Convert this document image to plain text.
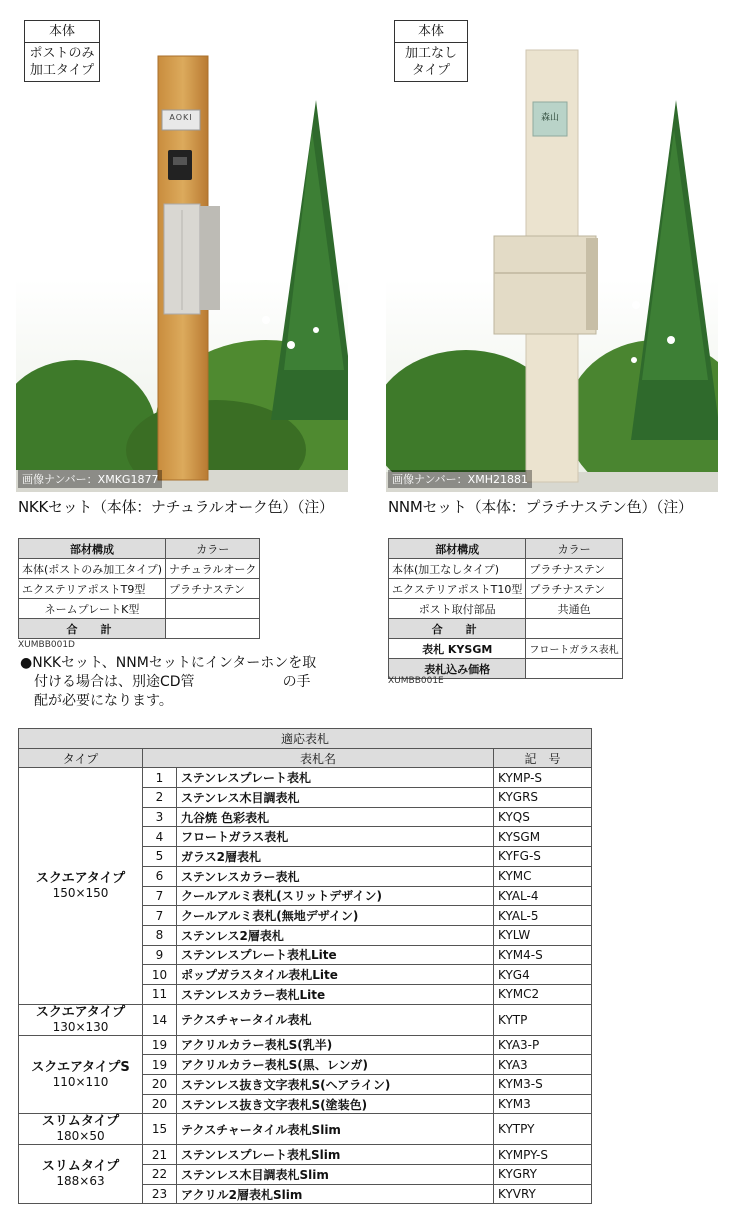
AOKI
本体
ポストのみ
加工タイプ
画像ナンバー：XMKG1877
NKKセット（本体：ナチュラルオーク色）（注）
森山
本体
加工なし
タイプ
画像ナンバー：XMH21881
NNMセット（本体：プラチナステン色）（注）
部材構成	カラー
本体(ポストのみ加工タイプ)	ナチュラルオーク
エクステリアポストT9型	プラチナステン
ネームプレートK型	
合　計	
XUMBB001D
部材構成	カラー
本体(加工なしタイプ)	プラチナステン
エクステリアポストT10型	プラチナステン
ポスト取付部品	共通色
合　計	
表札 KYSGM	フロートガラス表札
表札込み価格	
XUMBB001E
●NKKセット、NNMセットにインターホンを取
付ける場合は、別途CD管	の手
配が必要になります。
適応表札			
タイプ	表札名		記　号
スクエアタイプ
150×150	1	ステンレスプレート表札	KYMP-S
	2	ステンレス木目調表札	KYGRS
	3	九谷焼 色彩表札	KYQS
	4	フロートガラス表札	KYSGM
	5	ガラス2層表札	KYFG-S
	6	ステンレスカラー表札	KYMC
	7	クールアルミ表札(スリットデザイン)	KYAL-4
	7	クールアルミ表札(無地デザイン)	KYAL-5
	8	ステンレス2層表札	KYLW
	9	ステンレスプレート表札Lite	KYM4-S
	10	ポップガラスタイル表札Lite	KYG4
	11	ステンレスカラー表札Lite	KYMC2
スクエアタイプ
130×130	14	テクスチャータイル表札	KYTP
スクエアタイプS
110×110	19	アクリルカラー表札S(乳半)	KYA3-P
	19	アクリルカラー表札S(黒、レンガ)	KYA3
	20	ステンレス抜き文字表札S(ヘアライン)	KYM3-S
	20	ステンレス抜き文字表札S(塗装色)	KYM3
スリムタイプ
180×50	15	テクスチャータイル表札Slim	KYTPY
スリムタイプ
188×63	21	ステンレスプレート表札Slim	KYMPY-S
	22	ステンレス木目調表札Slim	KYGRY
	23	アクリル2層表札Slim	KYVRY
